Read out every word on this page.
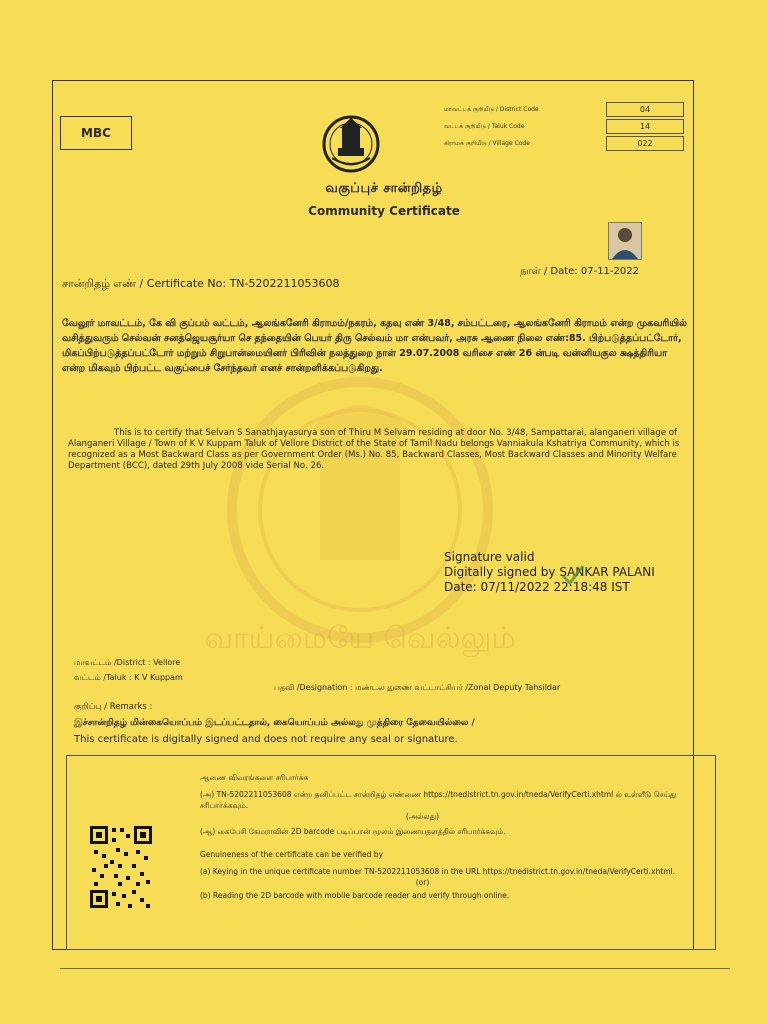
வாய்மையே வெல்லும்
MBC
மாவட்டக் குறியீடு / District Code	04
வட்டக் குறியீடு / Taluk Code	14
கிராமக் குறியீடு / Village Code	022
வகுப்புச் சான்றிதழ்
Community Certificate
சான்றிதழ் எண் / Certificate No: TN-5202211053608
நாள் / Date: 07-11-2022
வேலூர் மாவட்டம், கே வி குப்பம் வட்டம், ஆலங்கனேரி கிராமம்/நகரம், கதவு எண் 3/48, சம்பட்டரை, ஆலங்கனேரி கிராமம் என்ற முகவரியில் வசித்துவரும் செல்வன் சனத்ஜெயசூர்யா செ தந்தையின் பெயர் திரு செல்வம் மா என்பவர், அரசு ஆணை நிலை எண்:85. பிற்படுத்தப்பட்டோர், மிகப்பிற்படுத்தப்பட்டோர் மற்றும் சிறுபான்மையினர் பிரிவின் நலத்துறை நாள் 29.07.2008 வரிசை எண் 26 ன்படி வன்னியகுல க்ஷத்திரியா என்ற மிகவும் பிற்பட்ட வகுப்பைச் சேர்ந்தவர் எனச் சான்றளிக்கப்படுகிறது.
This is to certify that Selvan S Sanathjayasurya son of Thiru M Selvam residing at door No. 3/48, Sampattarai, alanganeri village of Alanganeri Village / Town of K V Kuppam Taluk of Vellore District of the State of Tamil Nadu belongs Vanniakula Kshatriya Community, which is recognized as a Most Backward Class as per Government Order (Ms.) No. 85, Backward Classes, Most Backward Classes and Minority Welfare Department (BCC), dated 29th July 2008 vide Serial No. 26.
Signature valid
Digitally signed by SANKAR PALANI
Date: 07/11/2022 22:18:48 IST
மாவட்டம் /District : Vellore
வட்டம் /Taluk : K V Kuppam
பதவி /Designation : மண்டல துணை வட்டாட்சியர் /Zonal Deputy Tahsildar
குறிப்பு / Remarks :
இச்சான்றிதழ் மின்கையொப்பம் இடப்பட்டதால், கையொப்பம் அல்லது முத்திரை தேவையில்லை /
This certificate is digitally signed and does not require any seal or signature.
ஆணை விவரங்களை சரிபார்க்க
(அ) TN-5202211053608 என்ற தனிப்பட்ட சான்றிதழ் எண்ணை https://tnedistrict.tn.gov.in/tneda/VerifyCerti.xhtml ல் உள்ளீடு செய்து சரிபார்க்கவும்.
(அல்லது)
(ஆ) கைபேசி கேமராவின் 2D barcode படிப்பான் மூலம் இணையதளத்தில் சரிபார்க்கவும்.
Genuineness of the certificate can be verified by
(a) Keying in the unique certificate number TN-5202211053608 in the URL https://tnedistrict.tn.gov.in/tneda/VerifyCerti.xhtml.
(or)
(b) Reading the 2D barcode with mobile barcode reader and verify through online.
